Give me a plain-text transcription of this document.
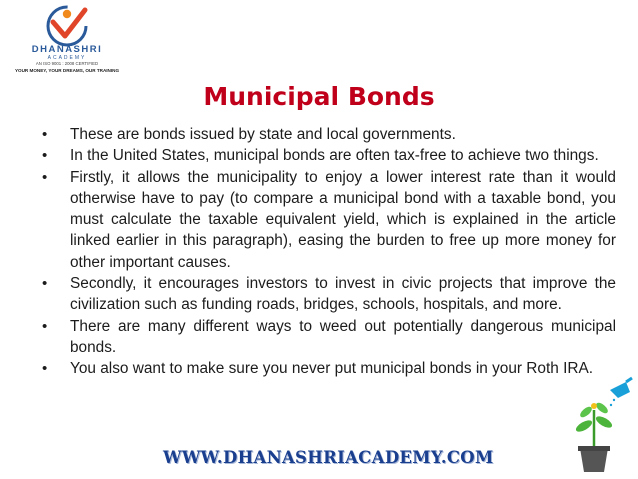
DHANASHRI
ACADEMY
AN ISO 9001 : 2008 CERTIFIED
YOUR MONEY, YOUR DREAMS, OUR TRAINING
Municipal Bonds
• These are bonds issued by state and local governments.
• In the United States, municipal bonds are often tax-free to achieve two things.
• Firstly, it allows the municipality to enjoy a lower interest rate than it would otherwise have to pay (to compare a municipal bond with a taxable bond, you must calculate the taxable equivalent yield, which is explained in the article linked earlier in this paragraph), easing the burden to free up more money for other important causes.
• Secondly, it encourages investors to invest in civic projects that improve the civilization such as funding roads, bridges, schools, hospitals, and more.
• There are many different ways to weed out potentially dangerous municipal bonds.
• You also want to make sure you never put municipal bonds in your Roth IRA.
WWW.DHANASHRIACADEMY.COM
